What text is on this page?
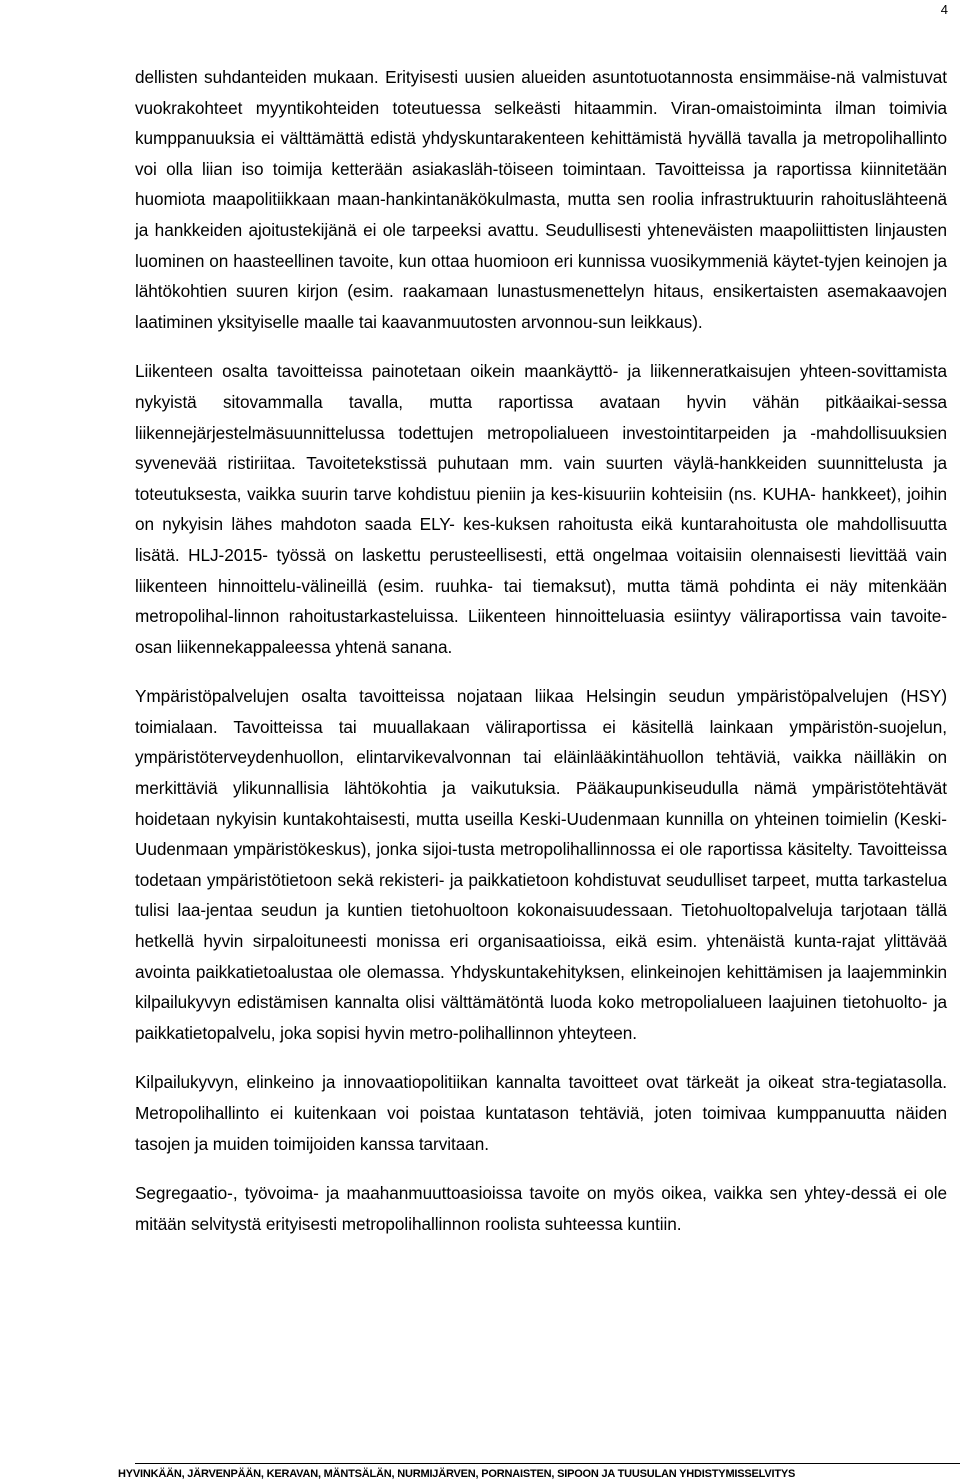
4

dellisten suhdanteiden mukaan. Erityisesti uusien alueiden asuntotuotannosta ensimmäise-nä valmistuvat vuokrakohteet myyntikohteiden toteutuessa selkeästi hitaammin. Viran-omaistoiminta ilman toimivia kumppanuuksia ei välttämättä edistä yhdyskuntarakenteen kehittämistä hyvällä tavalla ja metropolihallinto voi olla liian iso toimija ketterään asiakasläh-töiseen toimintaan. Tavoitteissa ja raportissa kiinnitetään huomiota maapolitiikkaan maan-hankintanäkökulmasta, mutta sen roolia infrastruktuurin rahoituslähteenä ja hankkeiden ajoitustekijänä ei ole tarpeeksi avattu. Seudullisesti yhteneväisten maapoliittisten linjausten luominen on haasteellinen tavoite, kun ottaa huomioon eri kunnissa vuosikymmeniä käytet-tyjen keinojen ja lähtökohtien suuren kirjon (esim. raakamaan lunastusmenettelyn hitaus, ensikertaisten asemakaavojen laatiminen yksityiselle maalle tai kaavanmuutosten arvonnou-sun leikkaus).

Liikenteen osalta tavoitteissa painotetaan oikein maankäyttö- ja liikenneratkaisujen yhteen-sovittamista nykyistä sitovammalla tavalla, mutta raportissa avataan hyvin vähän pitkäaikai-sessa liikennejärjestelmäsuunnittelussa todettujen metropolialueen investointitarpeiden ja -mahdollisuuksien syvenevää ristiriitaa. Tavoitetekstissä puhutaan mm. vain suurten väylä-hankkeiden suunnittelusta ja toteutuksesta, vaikka suurin tarve kohdistuu pieniin ja kes-kisuuriin kohteisiin (ns. KUHA- hankkeet), joihin on nykyisin lähes mahdoton saada ELY- kes-kuksen rahoitusta eikä kuntarahoitusta ole mahdollisuutta lisätä. HLJ-2015- työssä on laskettu perusteellisesti, että ongelmaa voitaisiin olennaisesti lievittää vain liikenteen hinnoittelu-välineillä (esim. ruuhka- tai tiemaksut), mutta tämä pohdinta ei näy mitenkään metropolihal-linnon rahoitustarkasteluissa. Liikenteen hinnoitteluasia esiintyy väliraportissa vain tavoite-osan liikennekappaleessa yhtenä sanana.

Ympäristöpalvelujen osalta tavoitteissa nojataan liikaa Helsingin seudun ympäristöpalvelujen (HSY) toimialaan. Tavoitteissa tai muuallakaan väliraportissa ei käsitellä lainkaan ympäristön-suojelun, ympäristöterveydenhuollon, elintarvikevalvonnan tai eläinlääkintähuollon tehtäviä, vaikka näilläkin on merkittäviä ylikunnallisia lähtökohtia ja vaikutuksia. Pääkaupunkiseudulla nämä ympäristötehtävät hoidetaan nykyisin kuntakohtaisesti, mutta useilla Keski-Uudenmaan kunnilla on yhteinen toimielin (Keski-Uudenmaan ympäristökeskus), jonka sijoi-tusta metropolihallinnossa ei ole raportissa käsitelty. Tavoitteissa todetaan ympäristötietoon sekä rekisteri- ja paikkatietoon kohdistuvat seudulliset tarpeet, mutta tarkastelua tulisi laa-jentaa seudun ja kuntien tietohuoltoon kokonaisuudessaan. Tietohuoltopalveluja tarjotaan tällä hetkellä hyvin sirpaloituneesti monissa eri organisaatioissa, eikä esim. yhtenäistä kunta-rajat ylittävää avointa paikkatietoalustaa ole olemassa. Yhdyskuntakehityksen, elinkeinojen kehittämisen ja laajemminkin kilpailukyvyn edistämisen kannalta olisi välttämätöntä luoda koko metropolialueen laajuinen tietohuolto- ja paikkatietopalvelu, joka sopisi hyvin metro-polihallinnon yhteyteen.

Kilpailukyvyn, elinkeino ja innovaatiopolitiikan kannalta tavoitteet ovat tärkeät ja oikeat stra-tegiatasolla. Metropolihallinto ei kuitenkaan voi poistaa kuntatason tehtäviä, joten toimivaa kumppanuutta näiden tasojen ja muiden toimijoiden kanssa tarvitaan.

Segregaatio-, työvoima- ja maahanmuuttoasioissa tavoite on myös oikea, vaikka sen yhtey-dessä ei ole mitään selvitystä erityisesti metropolihallinnon roolista suhteessa kuntiin.

HYVINKÄÄN, JÄRVENPÄÄN, KERAVAN, MÄNTSÄLÄN, NURMIJÄRVEN, PORNAISTEN, SIPOON JA TUUSULAN YHDISTYMISSELVITYS
